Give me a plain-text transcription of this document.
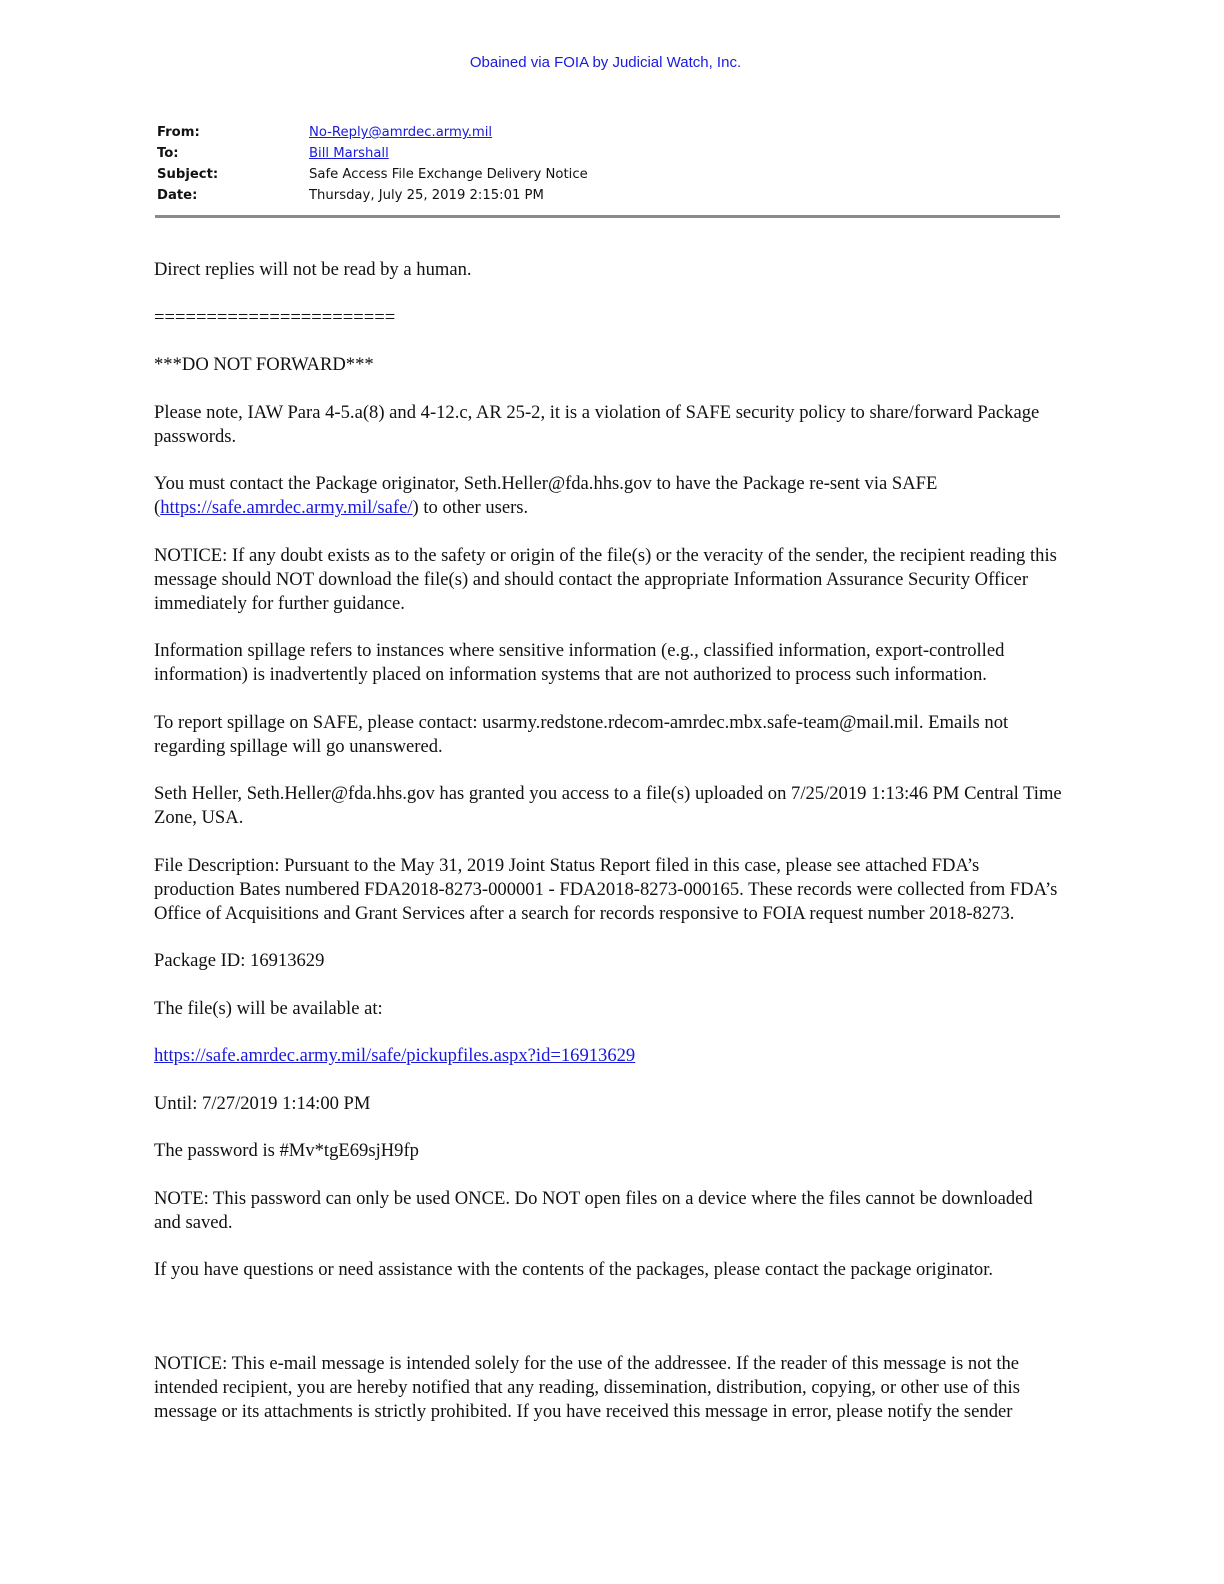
Obained via FOIA by Judicial Watch, Inc.
From:	No-Reply@amrdec.army.mil
To:	Bill Marshall
Subject:	Safe Access File Exchange Delivery Notice
Date:	Thursday, July 25, 2019 2:15:01 PM

Direct replies will not be read by a human.

=======================

***DO NOT FORWARD***

Please note, IAW Para 4-5.a(8) and 4-12.c, AR 25-2, it is a violation of SAFE security policy to share/forward Package passwords.

You must contact the Package originator, Seth.Heller@fda.hhs.gov to have the Package re-sent via SAFE (https://safe.amrdec.army.mil/safe/) to other users.

NOTICE: If any doubt exists as to the safety or origin of the file(s) or the veracity of the sender, the recipient reading this message should NOT download the file(s) and should contact the appropriate Information Assurance Security Officer immediately for further guidance.

Information spillage refers to instances where sensitive information (e.g., classified information, export-controlled information) is inadvertently placed on information systems that are not authorized to process such information.

To report spillage on SAFE, please contact: usarmy.redstone.rdecom-amrdec.mbx.safe-team@mail.mil. Emails not regarding spillage will go unanswered.

Seth Heller, Seth.Heller@fda.hhs.gov has granted you access to a file(s) uploaded on 7/25/2019 1:13:46 PM Central Time Zone, USA.

File Description: Pursuant to the May 31, 2019 Joint Status Report filed in this case, please see attached FDA’s production Bates numbered FDA2018-8273-000001 - FDA2018-8273-000165. These records were collected from FDA’s Office of Acquisitions and Grant Services after a search for records responsive to FOIA request number 2018-8273.

Package ID: 16913629

The file(s) will be available at:

https://safe.amrdec.army.mil/safe/pickupfiles.aspx?id=16913629

Until: 7/27/2019 1:14:00 PM

The password is #Mv*tgE69sjH9fp

NOTE: This password can only be used ONCE. Do NOT open files on a device where the files cannot be downloaded and saved.

If you have questions or need assistance with the contents of the packages, please contact the package originator.

NOTICE: This e-mail message is intended solely for the use of the addressee. If the reader of this message is not the intended recipient, you are hereby notified that any reading, dissemination, distribution, copying, or other use of this message or its attachments is strictly prohibited. If you have received this message in error, please notify the sender
